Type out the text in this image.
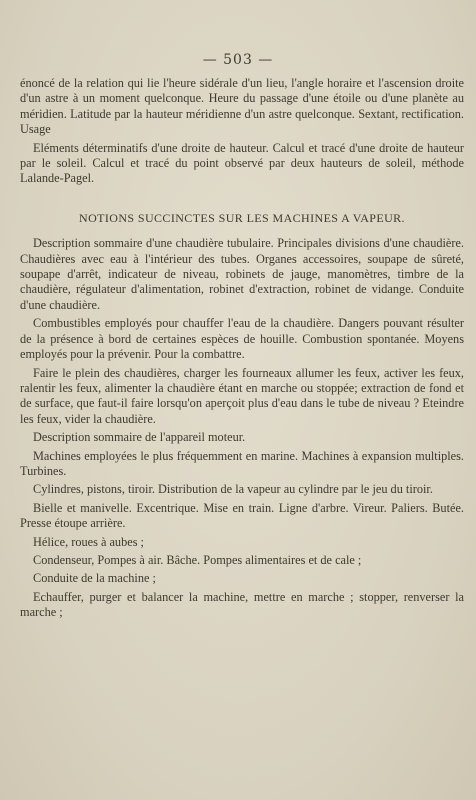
— 503 —

énoncé de la relation qui lie l'heure sidérale d'un lieu, l'angle horaire et l'ascension droite d'un astre à un moment quelconque. Heure du passage d'une étoile ou d'une planète au méridien. Latitude par la hauteur méridienne d'un astre quelconque. Sextant, rectification. Usage

Eléments déterminatifs d'une droite de hauteur. Calcul et tracé d'une droite de hauteur par le soleil. Calcul et tracé du point observé par deux hauteurs de soleil, méthode Lalande-Pagel.

NOTIONS SUCCINCTES SUR LES MACHINES A VAPEUR.

Description sommaire d'une chaudière tubulaire. Principales divisions d'une chaudière. Chaudières avec eau à l'intérieur des tubes. Organes accessoires, soupape de sûreté, soupape d'arrêt, indicateur de niveau, robinets de jauge, manomètres, timbre de la chaudière, régulateur d'alimentation, robinet d'extraction, robinet de vidange. Conduite d'une chaudière.

Combustibles employés pour chauffer l'eau de la chaudière. Dangers pouvant résulter de la présence à bord de certaines espèces de houille. Combustion spontanée. Moyens employés pour la prévenir. Pour la combattre.

Faire le plein des chaudières, charger les fourneaux allumer les feux, activer les feux, ralentir les feux, alimenter la chaudière étant en marche ou stoppée; extraction de fond et de surface, que faut-il faire lorsqu'on aperçoit plus d'eau dans le tube de niveau ? Eteindre les feux, vider la chaudière.

Description sommaire de l'appareil moteur.

Machines employées le plus fréquemment en marine. Machines à expansion multiples. Turbines.

Cylindres, pistons, tiroir. Distribution de la vapeur au cylindre par le jeu du tiroir.

Bielle et manivelle. Excentrique. Mise en train. Ligne d'arbre. Vireur. Paliers. Butée. Presse étoupe arrière.

Hélice, roues à aubes ;

Condenseur, Pompes à air. Bâche. Pompes alimentaires et de cale ;

Conduite de la machine ;

Echauffer, purger et balancer la machine, mettre en marche ; stopper, renverser la marche ;
